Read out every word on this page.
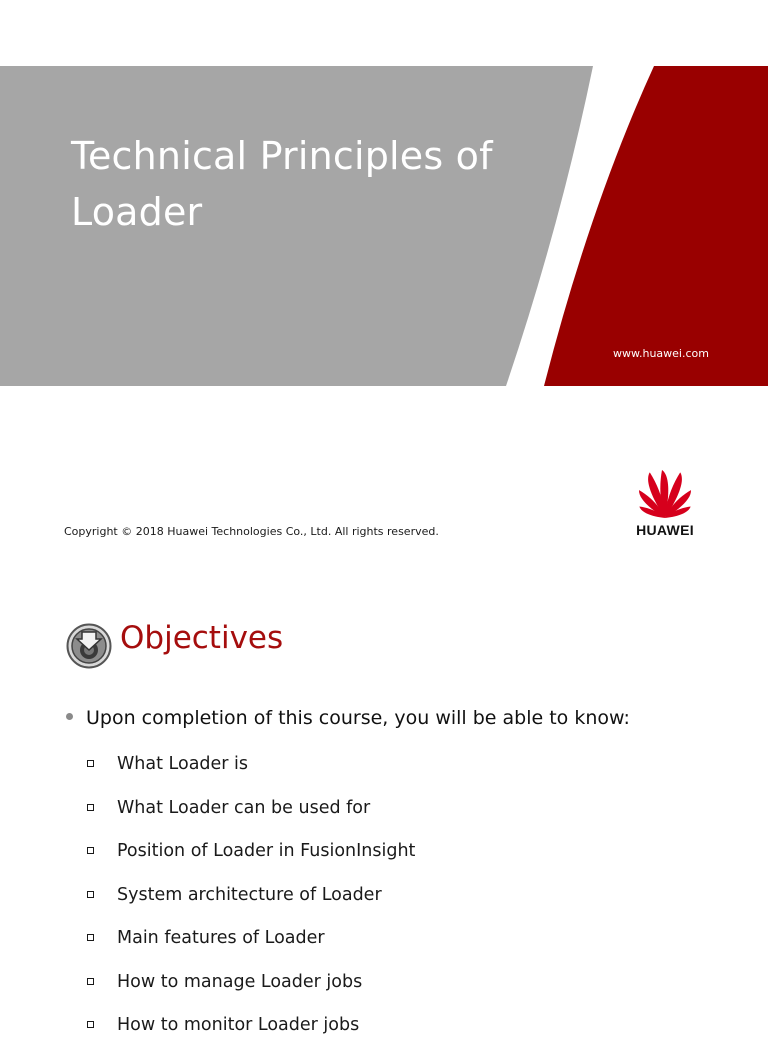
Technical Principles of Loader
www.huawei.com
Copyright © 2018 Huawei Technologies Co., Ltd. All rights reserved.	HUAWEI
Objectives
Upon completion of this course, you will be able to know:
What Loader is
What Loader can be used for
Position of Loader in FusionInsight
System architecture of Loader
Main features of Loader
How to manage Loader jobs
How to monitor Loader jobs
